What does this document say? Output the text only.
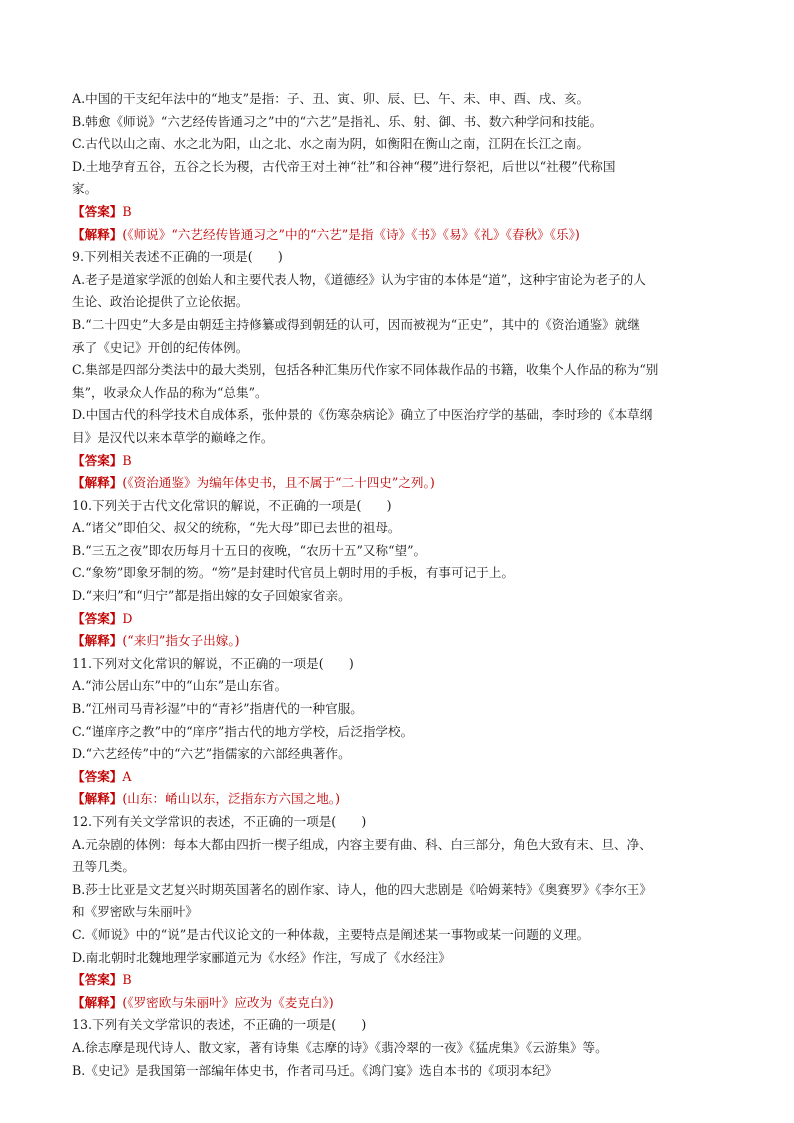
A.中国的干支纪年法中的“地支”是指：子、丑、寅、卯、辰、巳、午、未、申、酉、戌、亥。
B.韩愈《师说》“六艺经传皆通习之”中的“六艺”是指礼、乐、射、御、书、数六种学问和技能。
C.古代以山之南、水之北为阳，山之北、水之南为阴，如衡阳在衡山之南，江阴在长江之南。
D.土地孕育五谷，五谷之长为稷，古代帝王对土神“社”和谷神“稷”进行祭祀，后世以“社稷”代称国
家。
【答案】B
【解释】(《师说》“六艺经传皆通习之”中的“六艺”是指《诗》《书》《易》《礼》《春秋》《乐》)
9.下列相关表述不正确的一项是(　　)
A.老子是道家学派的创始人和主要代表人物，《道德经》认为宇宙的本体是“道”，这种宇宙论为老子的人
生论、政治论提供了立论依据。
B.“二十四史”大多是由朝廷主持修纂或得到朝廷的认可，因而被视为“正史”，其中的《资治通鉴》就继
承了《史记》开创的纪传体例。
C.集部是四部分类法中的最大类别，包括各种汇集历代作家不同体裁作品的书籍，收集个人作品的称为“别
集”，收录众人作品的称为“总集”。
D.中国古代的科学技术自成体系，张仲景的《伤寒杂病论》确立了中医治疗学的基础，李时珍的《本草纲
目》是汉代以来本草学的巅峰之作。
【答案】B
【解释】(《资治通鉴》为编年体史书，且不属于“二十四史”之列。)
10.下列关于古代文化常识的解说，不正确的一项是(　　)
A.“诸父”即伯父、叔父的统称，“先大母”即已去世的祖母。
B.“三五之夜”即农历每月十五日的夜晚，“农历十五”又称“望”。
C.“象笏”即象牙制的笏。“笏”是封建时代官员上朝时用的手板，有事可记于上。
D.“来归”和“归宁”都是指出嫁的女子回娘家省亲。
【答案】D
【解释】(“来归”指女子出嫁。)
11.下列对文化常识的解说，不正确的一项是(　　)
A.“沛公居山东”中的“山东”是山东省。
B.“江州司马青衫湿”中的“青衫”指唐代的一种官服。
C.“谨庠序之教”中的“庠序”指古代的地方学校，后泛指学校。
D.“六艺经传”中的“六艺”指儒家的六部经典著作。
【答案】A
【解释】(山东：崤山以东，泛指东方六国之地。)
12.下列有关文学常识的表述，不正确的一项是(　　)
A.元杂剧的体例：每本大都由四折一楔子组成，内容主要有曲、科、白三部分，角色大致有末、旦、净、
丑等几类。
B.莎士比亚是文艺复兴时期英国著名的剧作家、诗人，他的四大悲剧是《哈姆莱特》《奥赛罗》《李尔王》
和《罗密欧与朱丽叶》
C.《师说》中的“说”是古代议论文的一种体裁，主要特点是阐述某一事物或某一问题的义理。
D.南北朝时北魏地理学家郦道元为《水经》作注，写成了《水经注》
【答案】B
【解释】(《罗密欧与朱丽叶》应改为《麦克白》)
13.下列有关文学常识的表述，不正确的一项是(　　)
A.徐志摩是现代诗人、散文家，著有诗集《志摩的诗》《翡冷翠的一夜》《猛虎集》《云游集》等。
B.《史记》是我国第一部编年体史书，作者司马迁。《鸿门宴》选自本书的《项羽本纪》
